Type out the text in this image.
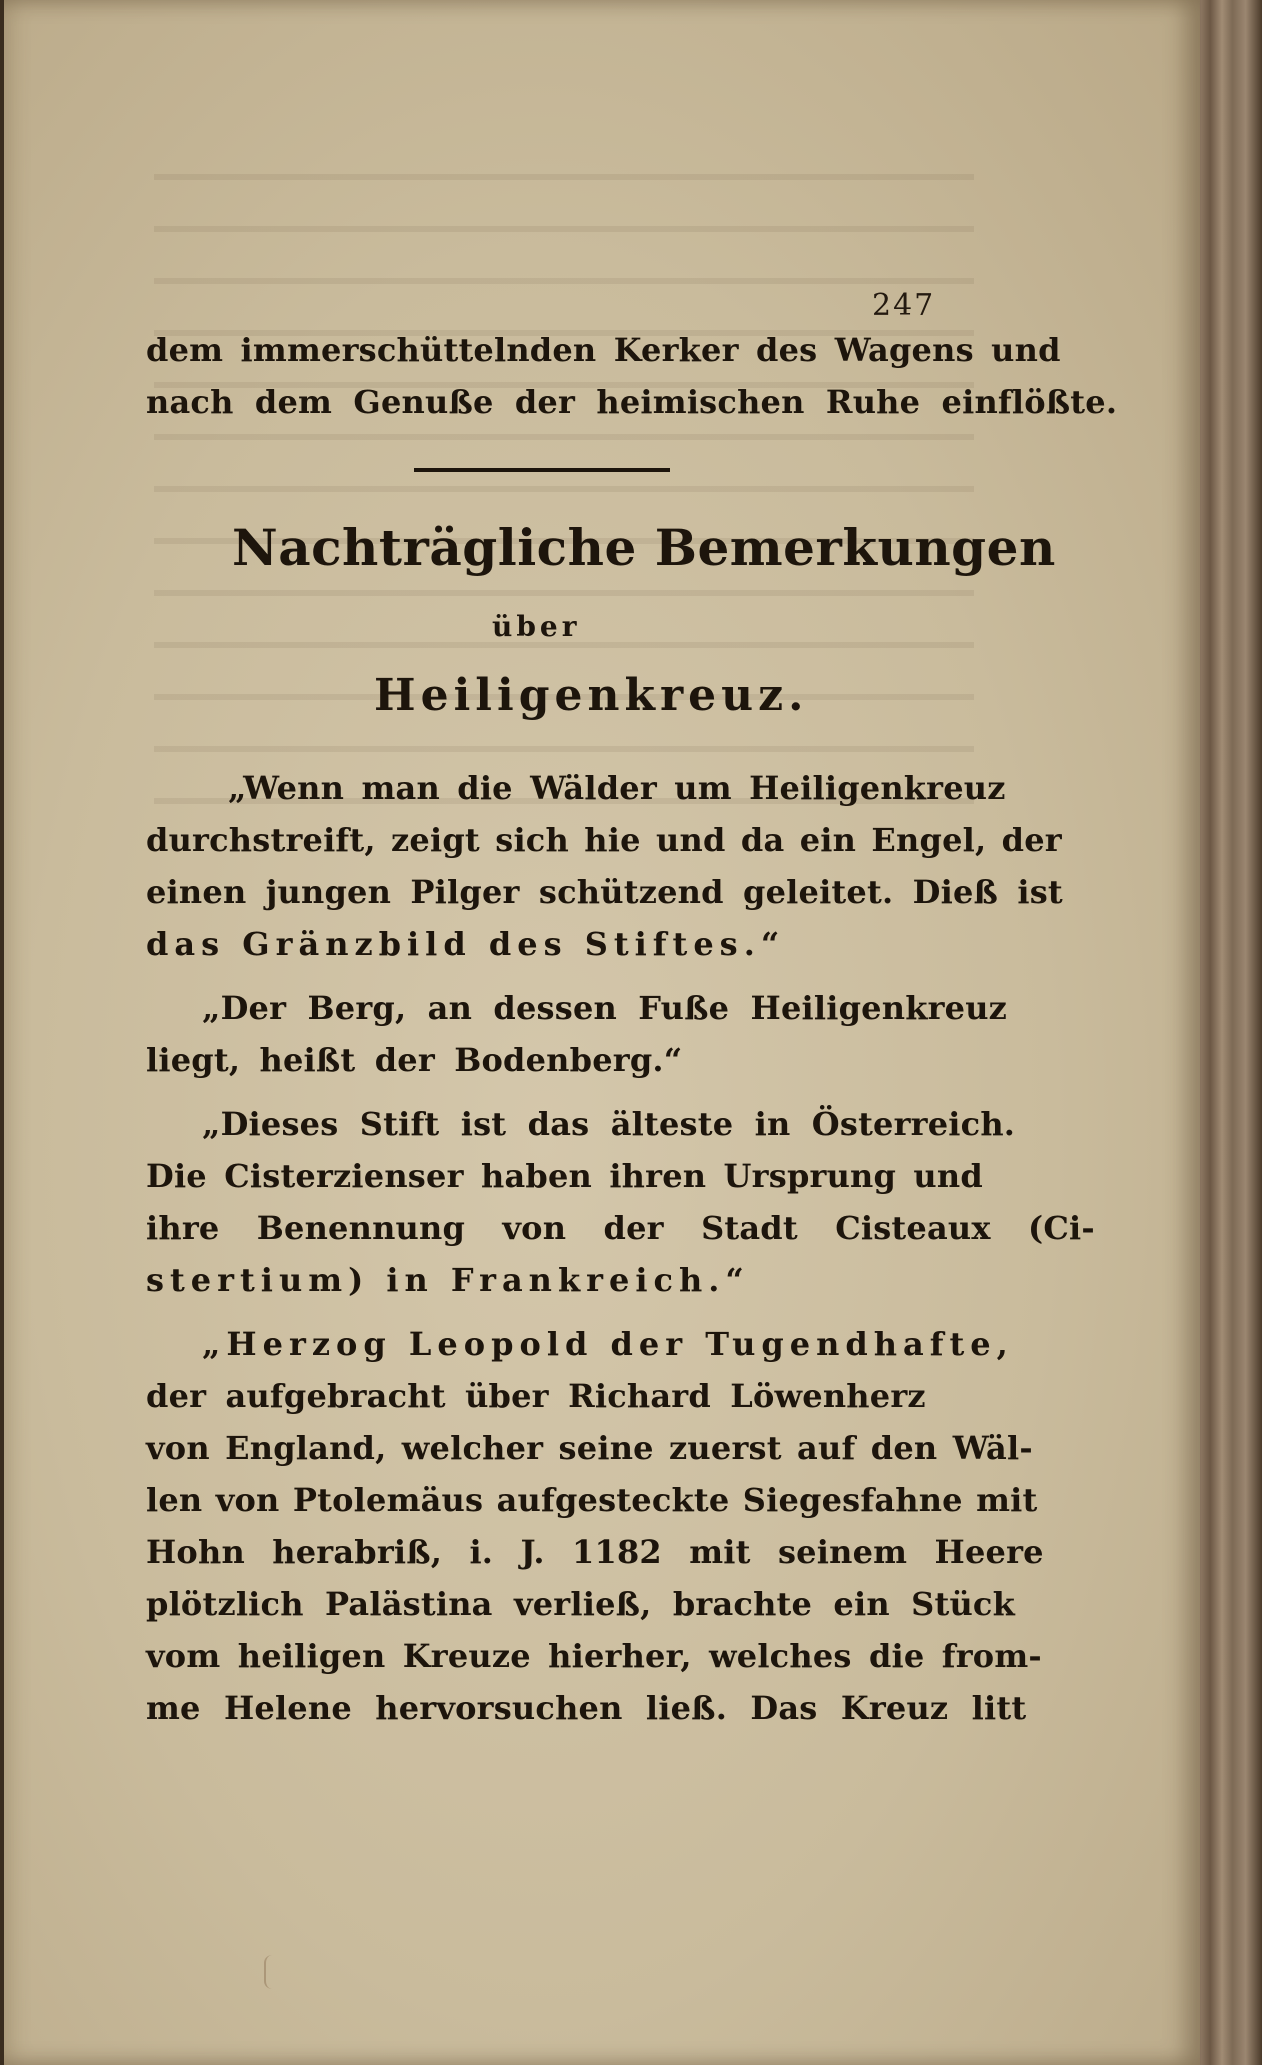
247
dem immerschüttelnden Kerker des Wagens und
nach dem Genuße der heimischen Ruhe einflößte.
Nachträgliche Bemerkungen
über
Heiligenkreuz.
„Wenn man die Wälder um Heiligenkreuz
durchstreift, zeigt sich hie und da ein Engel, der
einen jungen Pilger schützend geleitet. Dieß ist
das Gränzbild des Stiftes.“
„Der Berg, an dessen Fuße Heiligenkreuz
liegt, heißt der Bodenberg.“
„Dieses Stift ist das älteste in Österreich.
Die Cisterzienser haben ihren Ursprung und
ihre Benennung von der Stadt Cisteaux (Ci-
stertium) in Frankreich.“
„Herzog Leopold der Tugendhafte,
der aufgebracht über Richard Löwenherz
von England, welcher seine zuerst auf den Wäl-
len von Ptolemäus aufgesteckte Siegesfahne mit
Hohn herabriß, i. J. 1182 mit seinem Heere
plötzlich Palästina verließ, brachte ein Stück
vom heiligen Kreuze hierher, welches die from-
me Helene hervorsuchen ließ. Das Kreuz litt
